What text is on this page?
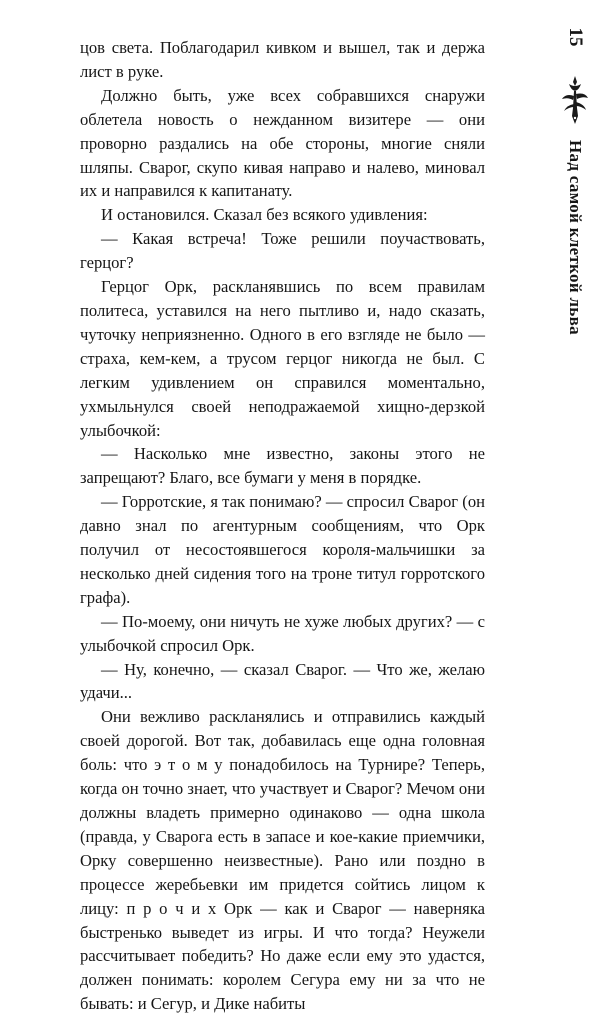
цов света. Поблагодарил кивком и вышел, так и держа лист в руке.

Должно быть, уже всех собравшихся снаружи облетела новость о нежданном визитере — они проворно раздались на обе стороны, многие сняли шляпы. Сварог, скупо кивая направо и налево, миновал их и направился к капитанату.

И остановился. Сказал без всякого удивления:

— Какая встреча! Тоже решили поучаствовать, герцог?

Герцог Орк, раскланявшись по всем правилам политеса, уставился на него пытливо и, надо сказать, чуточку неприязненно. Одного в его взгляде не было — страха, кем-кем, а трусом герцог никогда не был. С легким удивлением он справился моментально, ухмыльнулся своей неподражаемой хищно-дерзкой улыбочкой:

— Насколько мне известно, законы этого не запрещают? Благо, все бумаги у меня в порядке.

— Горротские, я так понимаю? — спросил Сварог (он давно знал по агентурным сообщениям, что Орк получил от несостоявшегося короля-мальчишки за несколько дней сидения того на троне титул горротского графа).

— По-моему, они ничуть не хуже любых других? — с улыбочкой спросил Орк.

— Ну, конечно, — сказал Сварог. — Что же, желаю удачи...

Они вежливо раскланялись и отправились каждый своей дорогой. Вот так, добавилась еще одна головная боль: что э т о м у понадобилось на Турнире? Теперь, когда он точно знает, что участвует и Сварог? Мечом они должны владеть примерно одинаково — одна школа (правда, у Сварога есть в запасе и кое-какие приемчики, Орку совершенно неизвестные). Рано или поздно в процессе жеребьевки им придется сойтись лицом к лицу: п р о ч и х Орк — как и Сварог — наверняка быстренько выведет из игры. И что тогда? Неужели рассчитывает победить? Но даже если ему это удастся, должен понимать: королем Сегура ему ни за что не бывать: и Сегур, и Дике набиты

15
Над самой клеткой льва
